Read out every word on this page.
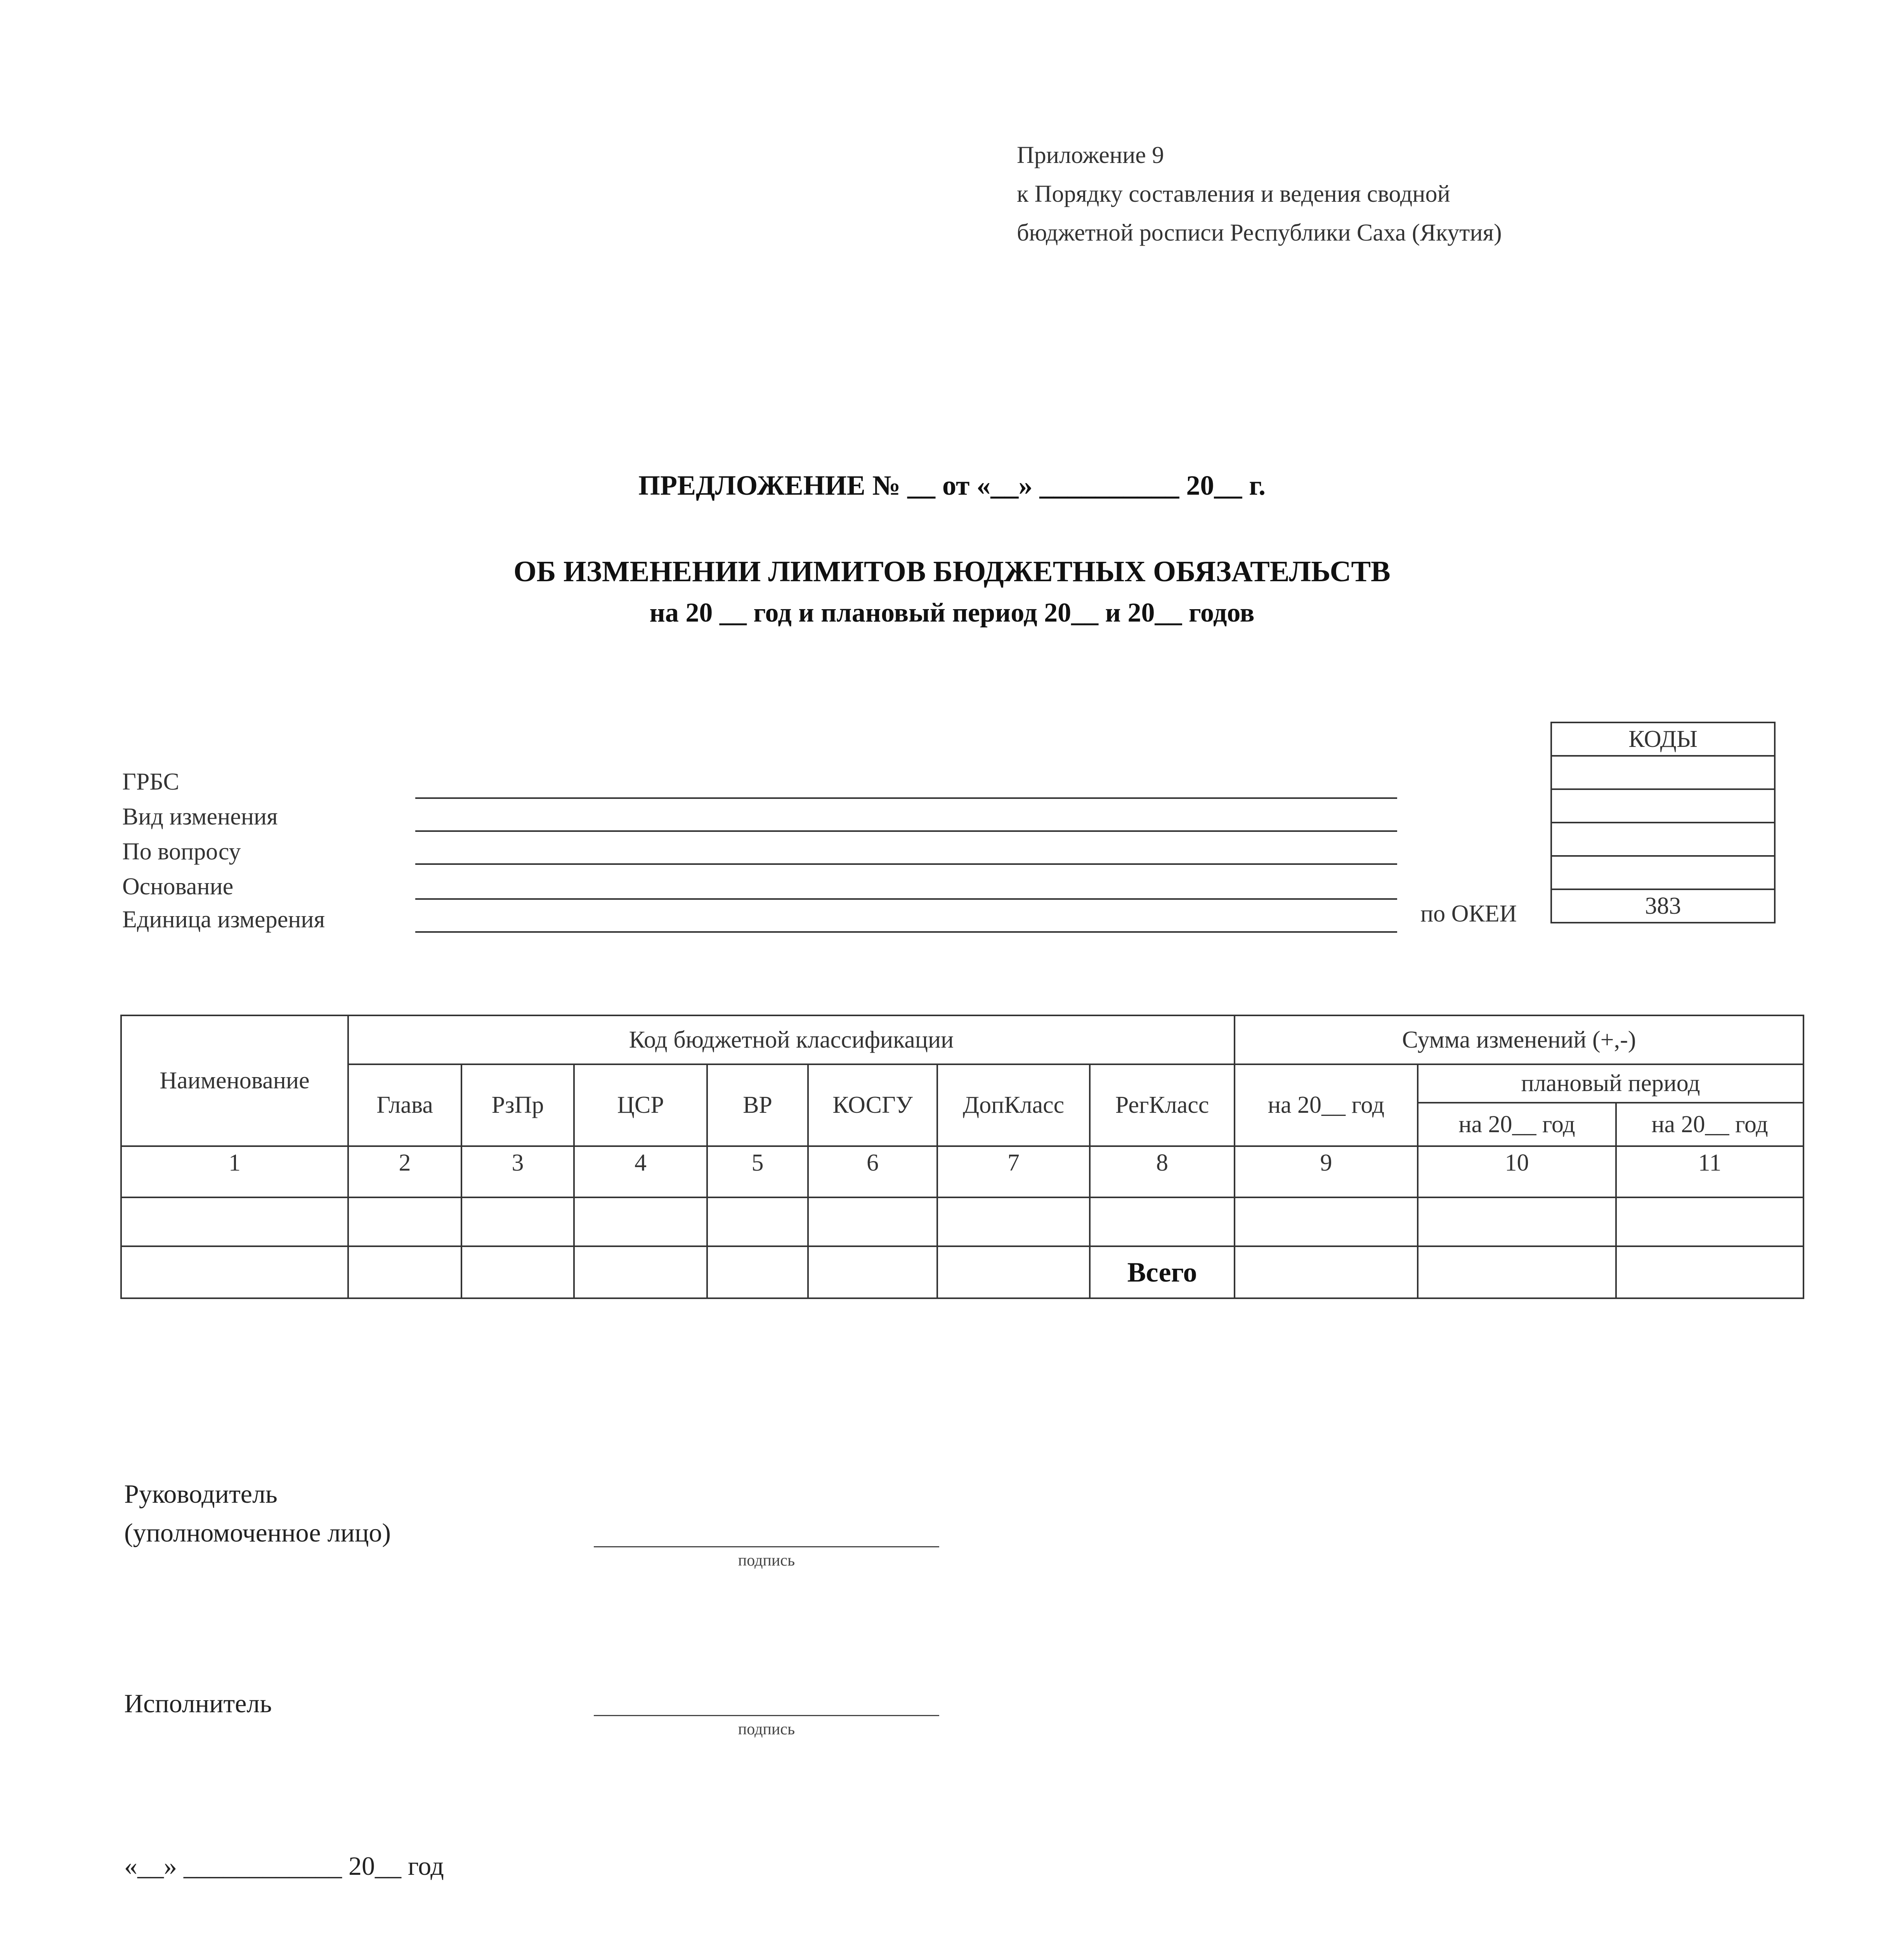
Приложение 9
к Порядку составления и ведения сводной
бюджетной росписи Республики Саха (Якутия)
ПРЕДЛОЖЕНИЕ № __ от «__» __________ 20__ г.
ОБ ИЗМЕНЕНИИ ЛИМИТОВ БЮДЖЕТНЫХ ОБЯЗАТЕЛЬСТВ
на 20 __ год и плановый период 20__ и 20__ годов
ГРБС
Вид изменения
По вопросу
Основание
Единица измерения	по ОКЕИ
КОДЫ

383
Наименование	Код бюджетной классификации							Сумма изменений (+,-)		
	Глава	РзПр	ЦСР	ВР	КОСГУ	ДопКласс	РегКласс	на 20__ год	плановый период	
									на 20__ год	на 20__ год
1	2	3	4	5	6	7	8	9	10	11

							Всего			
Руководитель
(уполномоченное лицо)
подпись
Исполнитель
подпись
«__» ____________ 20__ год
